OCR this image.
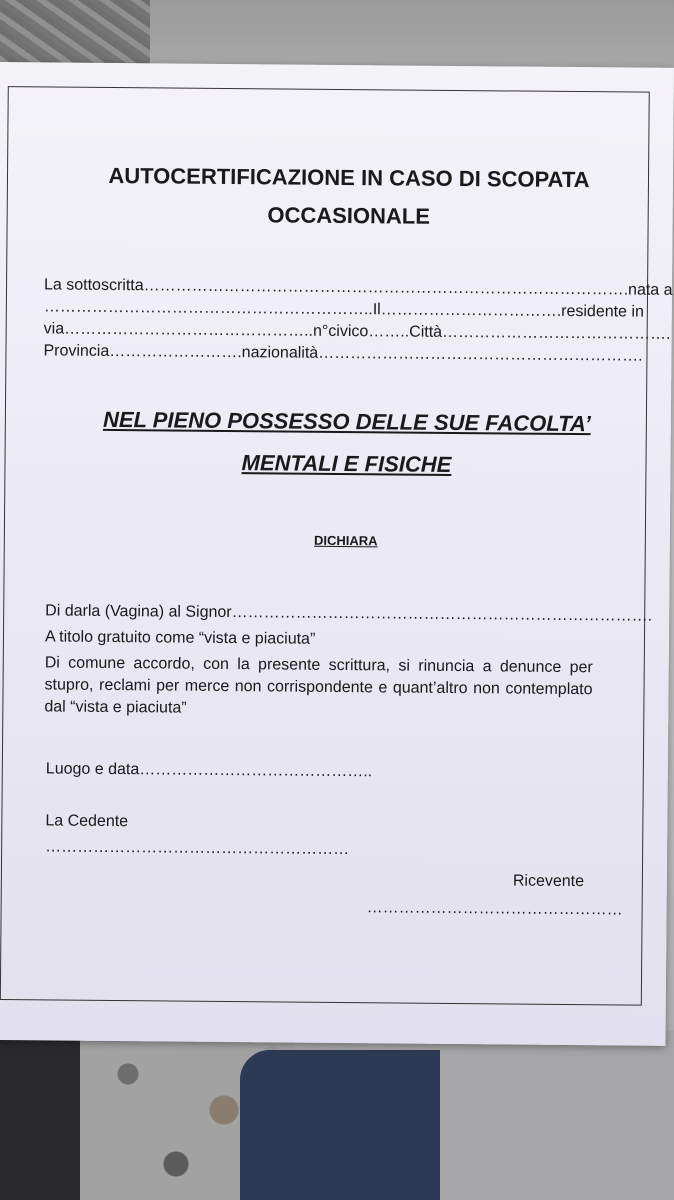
AUTOCERTIFICAZIONE IN CASO DI SCOPATA
OCCASIONALE
La sottoscritta……………………………………………………………………………….nata a
……………………………………………………..Il…………………………….residente in
via………………………………………..n°civico……..Città…………………………………….
Provincia…………………….nazionalità…………………………………………………….
NEL PIENO POSSESSO DELLE SUE FACOLTA’
MENTALI E FISICHE
DICHIARA
Di darla (Vagina) al Signor…………………………………………………………………….
A titolo gratuito come “vista e piaciuta”
Di comune accordo, con la presente scrittura, si rinuncia a denunce per stupro, reclami per merce non corrispondente e quant’altro non contemplato dal “vista e piaciuta”
Luogo e data……………………………………..
La Cedente
…………………………………………………
Ricevente
…………………………………………
